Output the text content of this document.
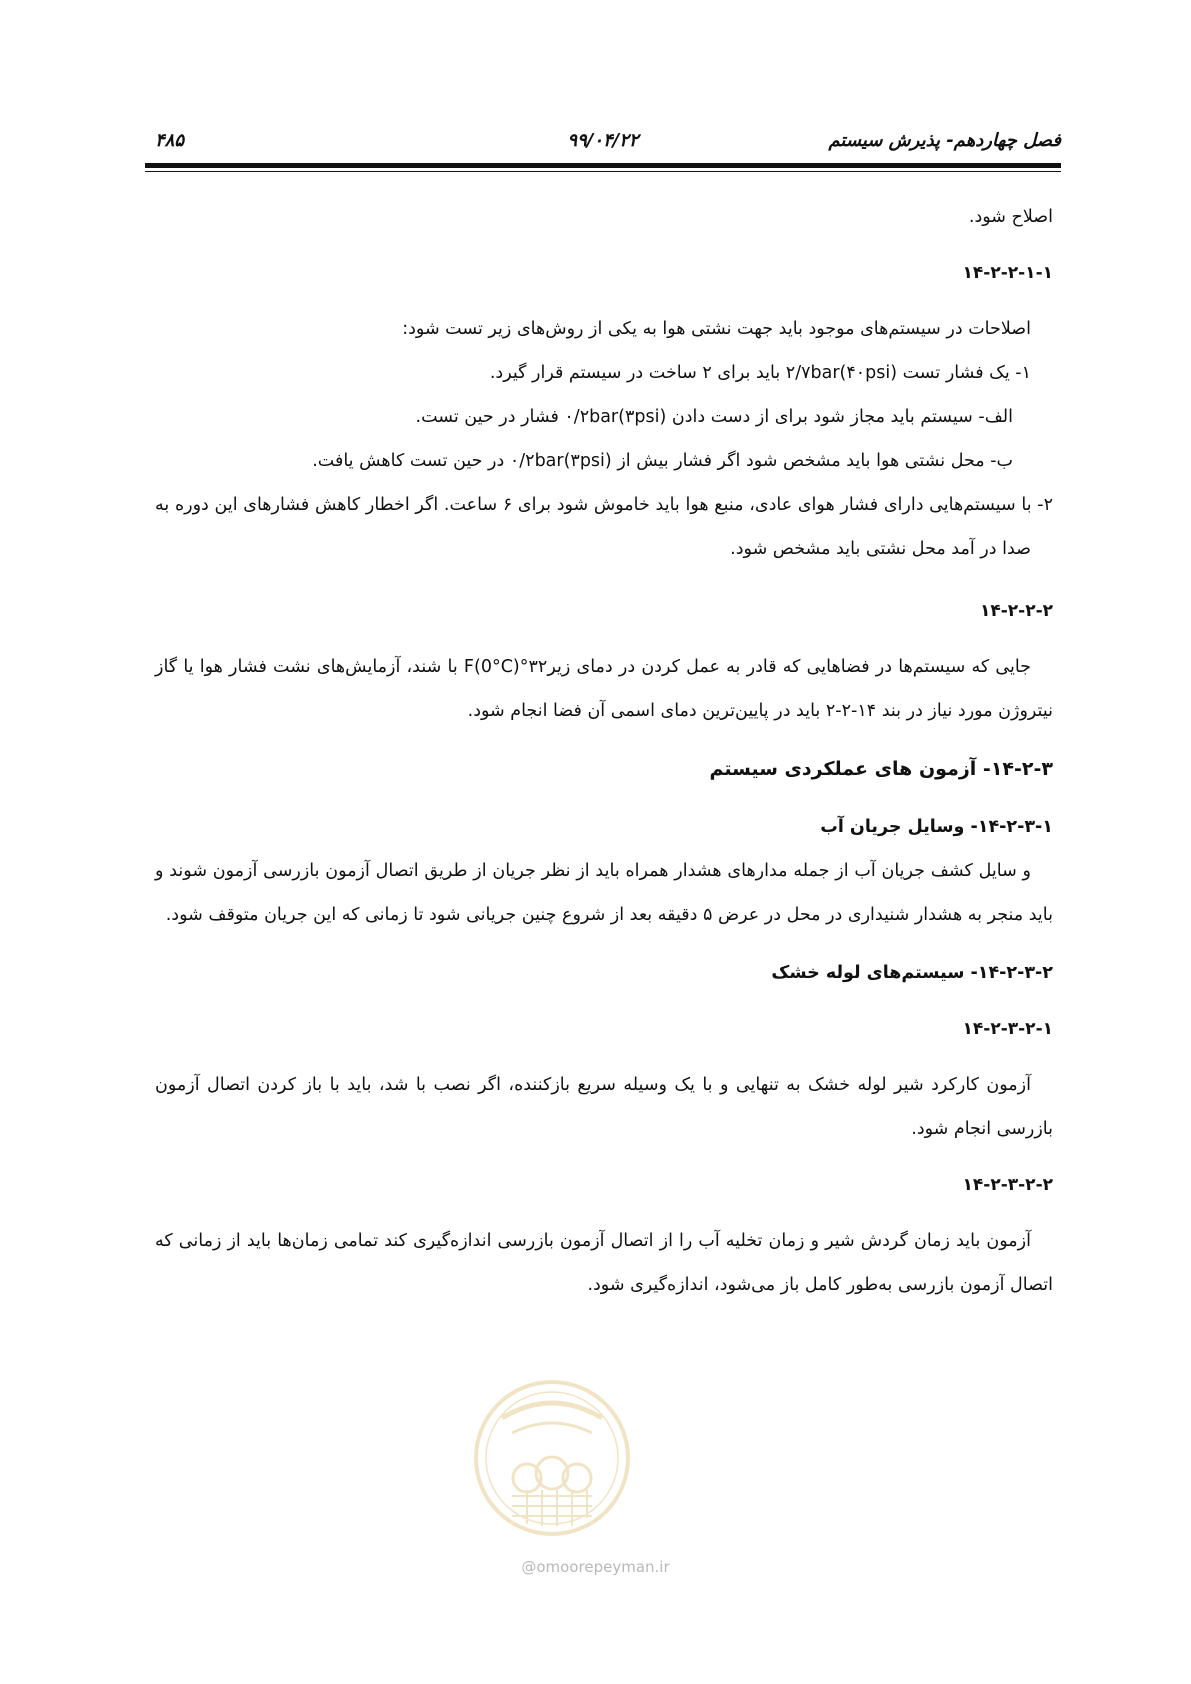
فصل چهاردهم- پذیرش سیستم
۹۹/۰۴/۲۲
۴۸۵

اصلاح شود.

۱۴-۲-۲-۱-۱

اصلاحات در سیستم‌های موجود باید جهت نشتی هوا به یکی از روش‌های زیر تست شود:

۱- یک فشار تست ۲/۷bar(۴۰psi) باید برای ۲ ساخت در سیستم قرار گیرد.

الف- سیستم باید مجاز شود برای از دست دادن ۰/۲bar(۳psi) فشار در حین تست.

ب- محل نشتی هوا باید مشخص شود اگر فشار بیش از ۰/۲bar(۳psi) در حین تست کاهش یافت.

۲- با سیستم‌هایی دارای فشار هوای عادی، منبع هوا باید خاموش شود برای ۶ ساعت. اگر اخطار کاهش فشارهای این دوره به صدا در آمد محل نشتی باید مشخص شود.

۱۴-۲-۲-۲

جایی که سیستم‌ها در فضاهایی که قادر به عمل کردن در دمای زیر۳۲°F(0°C) با شند، آزمایش‌های نشت فشار هوا یا گاز نیتروژن مورد نیاز در بند ۱۴-۲-۲ باید در پایین‌ترین دمای اسمی آن فضا انجام شود.

۱۴-۲-۳- آزمون های عملکردی سیستم

۱۴-۲-۳-۱- وسایل جریان آب

و سایل کشف جریان آب از جمله مدارهای هشدار همراه باید از نظر جریان از طریق اتصال آزمون بازرسی آزمون شوند و باید منجر به هشدار شنیداری در محل در عرض ۵ دقیقه بعد از شروع چنین جریانی شود تا زمانی که این جریان متوقف شود.

۱۴-۲-۳-۲- سیستم‌های لوله خشک

۱۴-۲-۳-۲-۱

آزمون کارکرد شیر لوله خشک به تنهایی و با یک وسیله سریع بازکننده، اگر نصب با شد، باید با باز کردن اتصال آزمون بازرسی انجام شود.

۱۴-۲-۳-۲-۲

آزمون باید زمان گردش شیر و زمان تخلیه آب را از اتصال آزمون بازرسی اندازه‌گیری کند تمامی زمان‌ها باید از زمانی که اتصال آزمون بازرسی به‌طور کامل باز می‌شود، اندازه‌گیری شود.

@omoorepeyman.ir
